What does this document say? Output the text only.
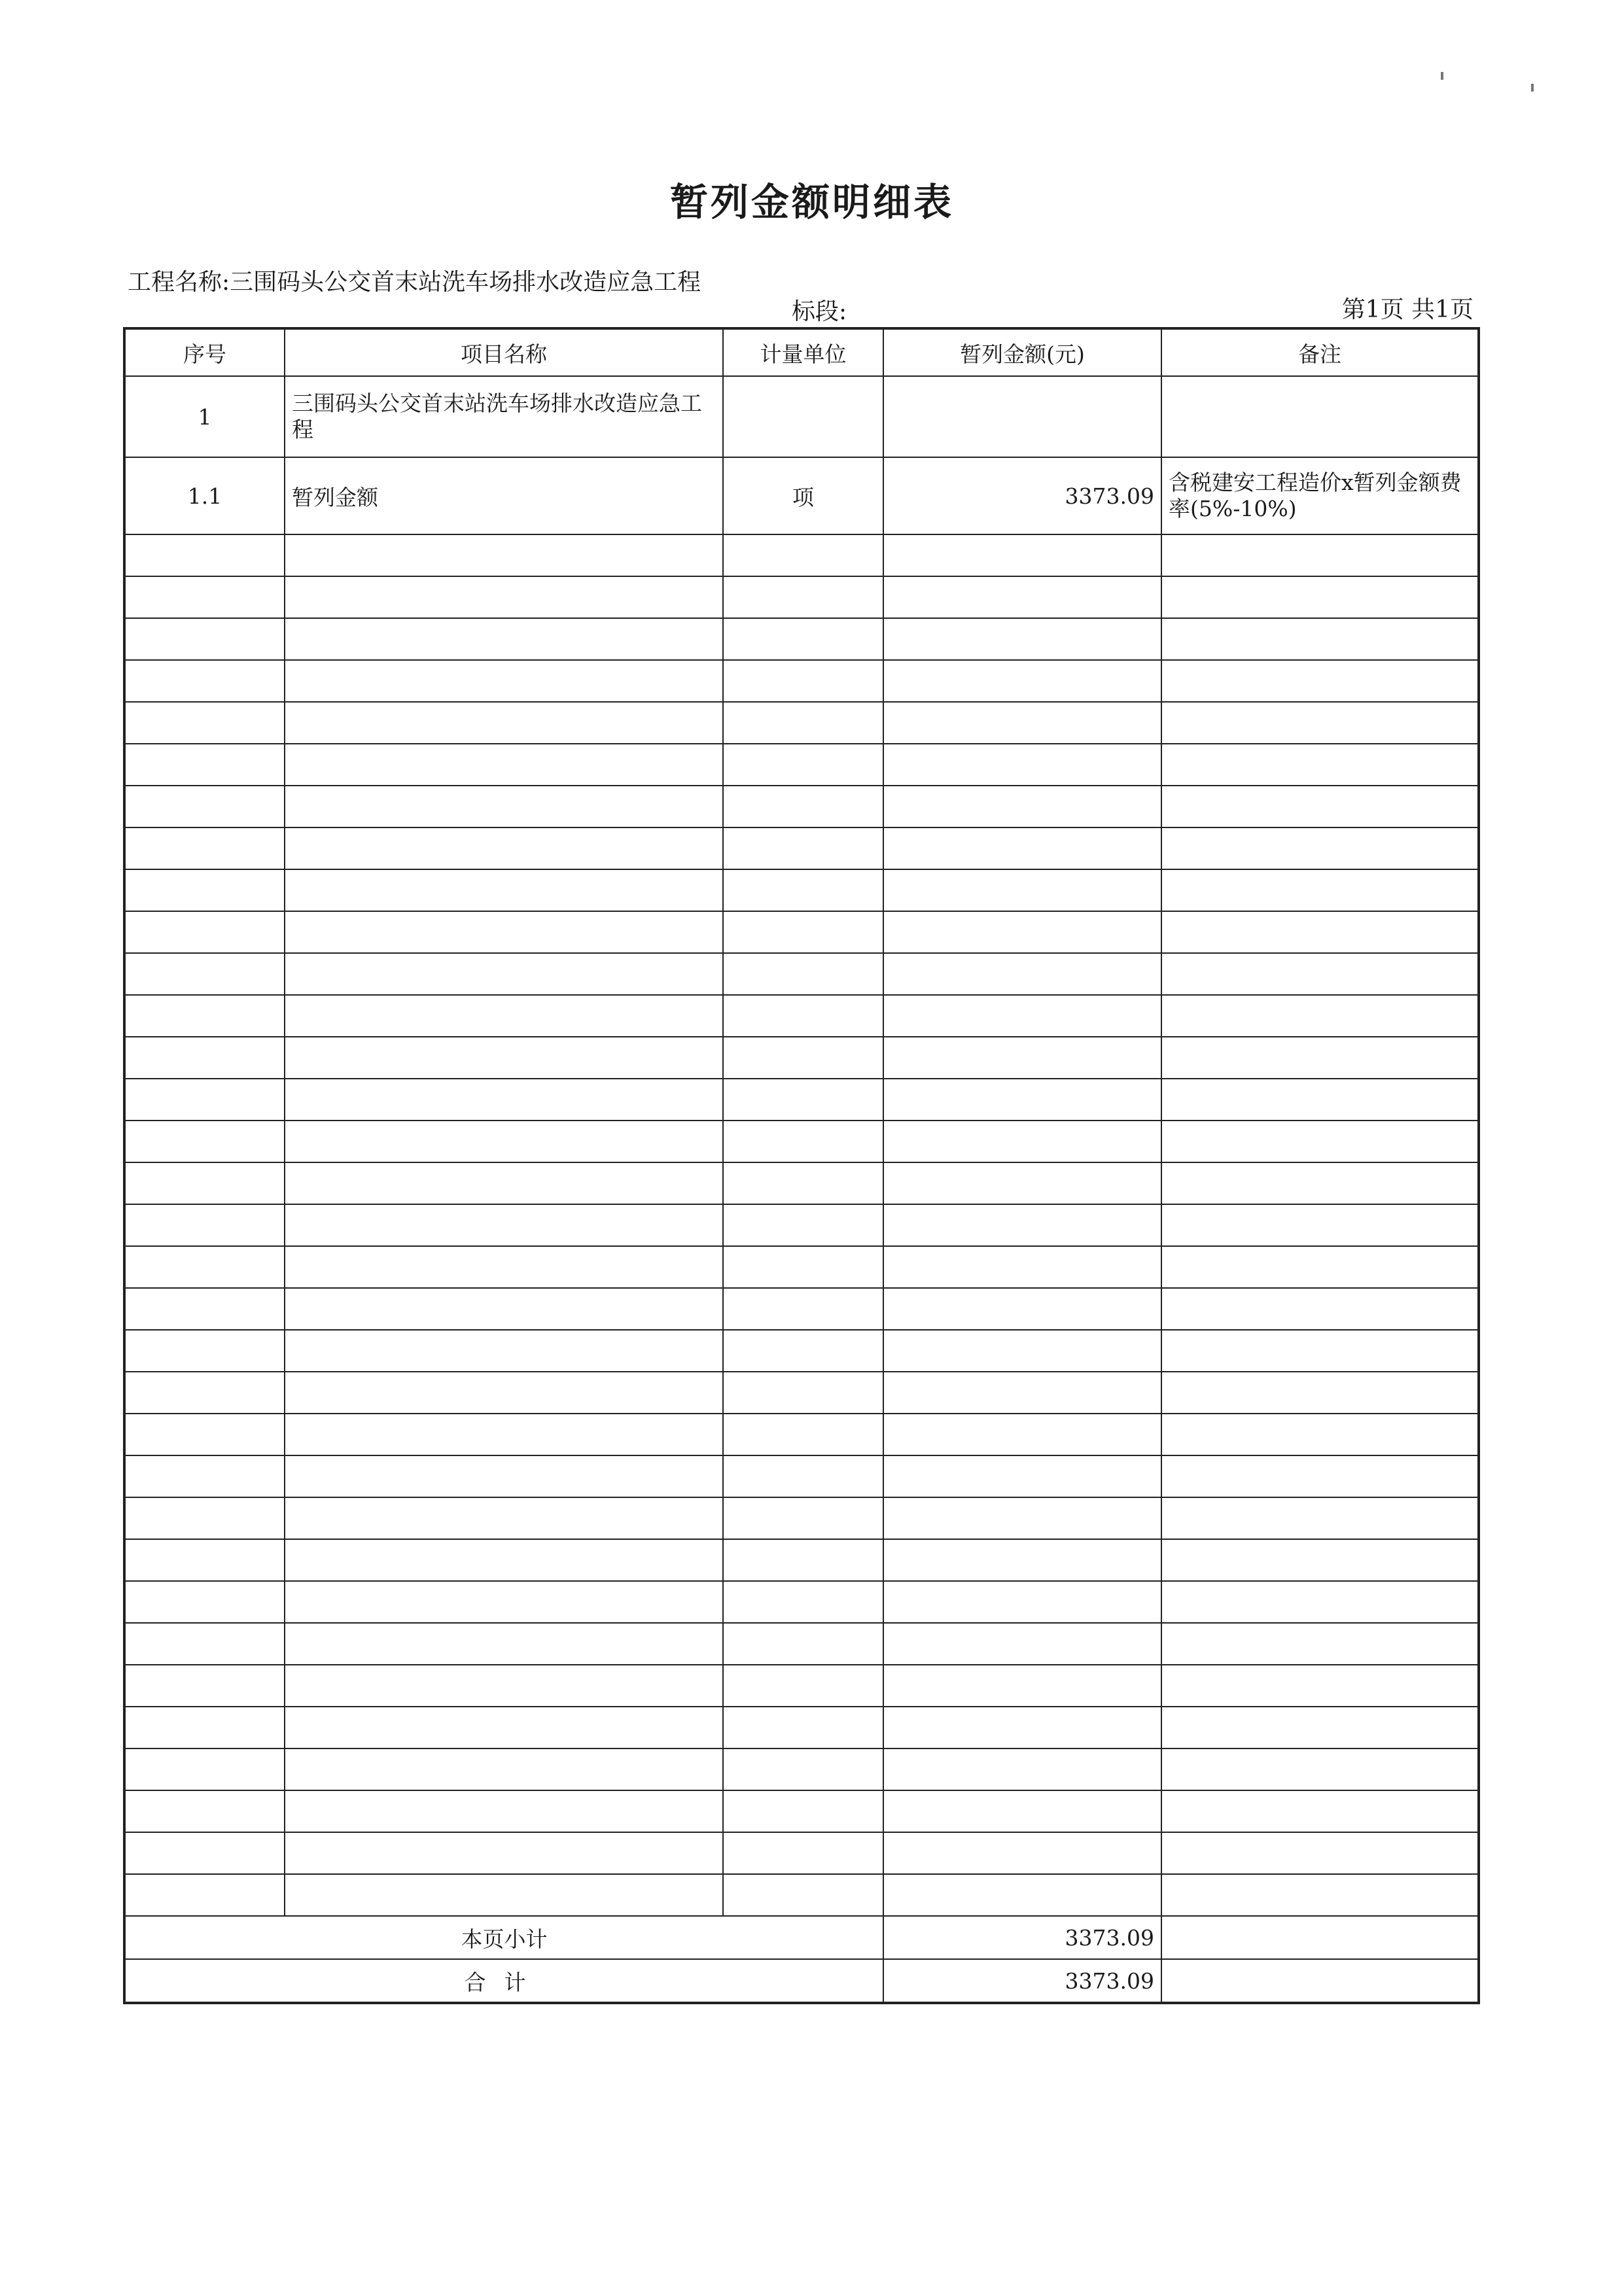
暂列金额明细表
工程名称:三围码头公交首末站洗车场排水改造应急工程
标段:	第1页 共1页
序号	项目名称	计量单位	暂列金额(元)	备注
1	三围码头公交首末站洗车场排水改造应急工程			
1.1	暂列金额	项	3373.09	含税建安工程造价x暂列金额费率(5%-10%)

本页小计			3373.09	
合计			3373.09	
